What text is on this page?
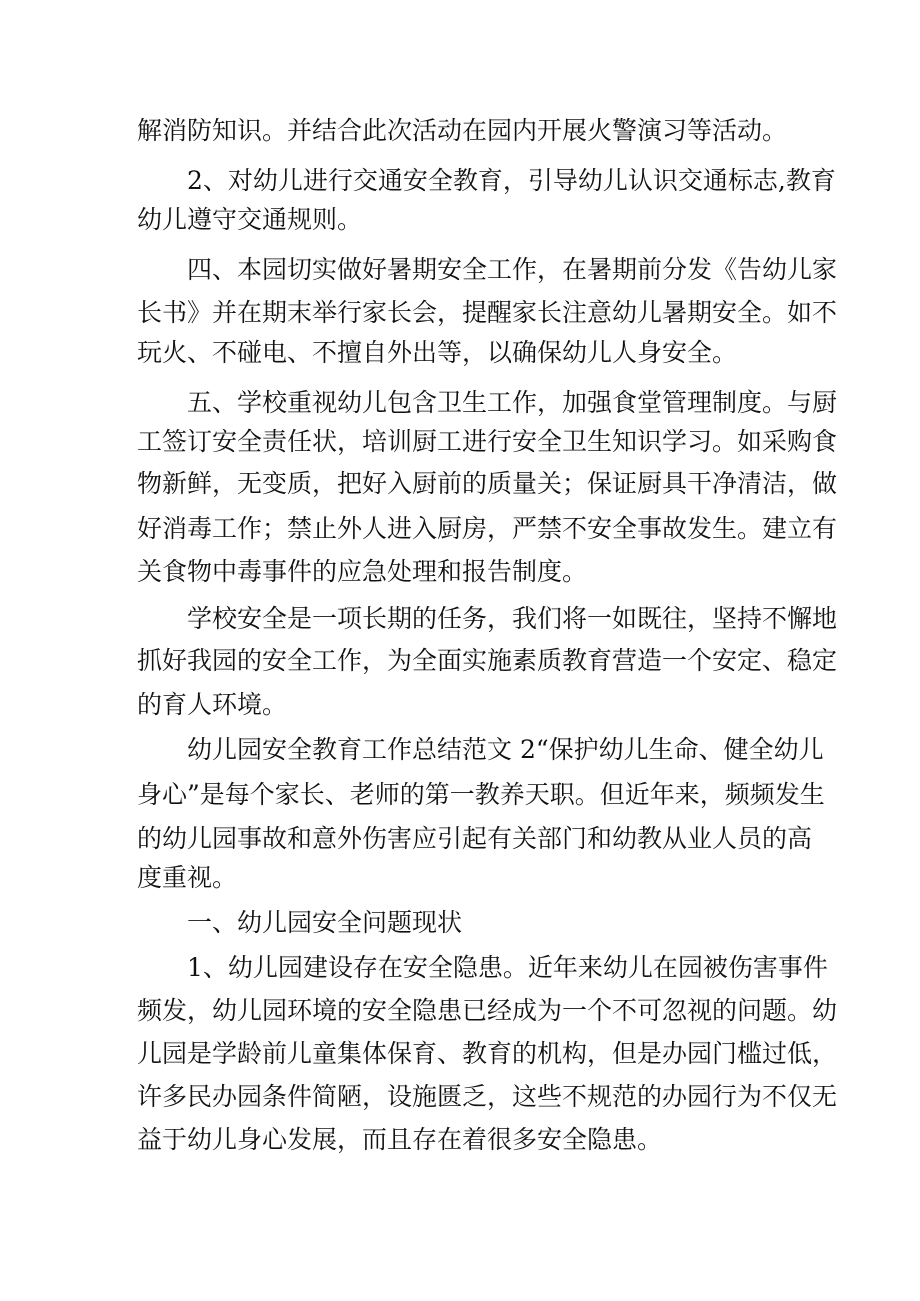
解消防知识。并结合此次活动在园内开展火警演习等活动。
2、对幼儿进行交通安全教育，引导幼儿认识交通标志,教育
幼儿遵守交通规则。
四、本园切实做好暑期安全工作，在暑期前分发《告幼儿家
长书》并在期末举行家长会，提醒家长注意幼儿暑期安全。如不
玩火、不碰电、不擅自外出等，以确保幼儿人身安全。
五、学校重视幼儿包含卫生工作，加强食堂管理制度。与厨
工签订安全责任状，培训厨工进行安全卫生知识学习。如采购食
物新鲜，无变质，把好入厨前的质量关；保证厨具干净清洁，做
好消毒工作；禁止外人进入厨房，严禁不安全事故发生。建立有
关食物中毒事件的应急处理和报告制度。
学校安全是一项长期的任务，我们将一如既往，坚持不懈地
抓好我园的安全工作，为全面实施素质教育营造一个安定、稳定
的育人环境。
幼儿园安全教育工作总结范文 2“保护幼儿生命、健全幼儿
身心”是每个家长、老师的第一教养天职。但近年来，频频发生
的幼儿园事故和意外伤害应引起有关部门和幼教从业人员的高
度重视。
一、幼儿园安全问题现状
1、幼儿园建设存在安全隐患。近年来幼儿在园被伤害事件
频发，幼儿园环境的安全隐患已经成为一个不可忽视的问题。幼
儿园是学龄前儿童集体保育、教育的机构，但是办园门槛过低，
许多民办园条件简陋，设施匮乏，这些不规范的办园行为不仅无
益于幼儿身心发展，而且存在着很多安全隐患。
